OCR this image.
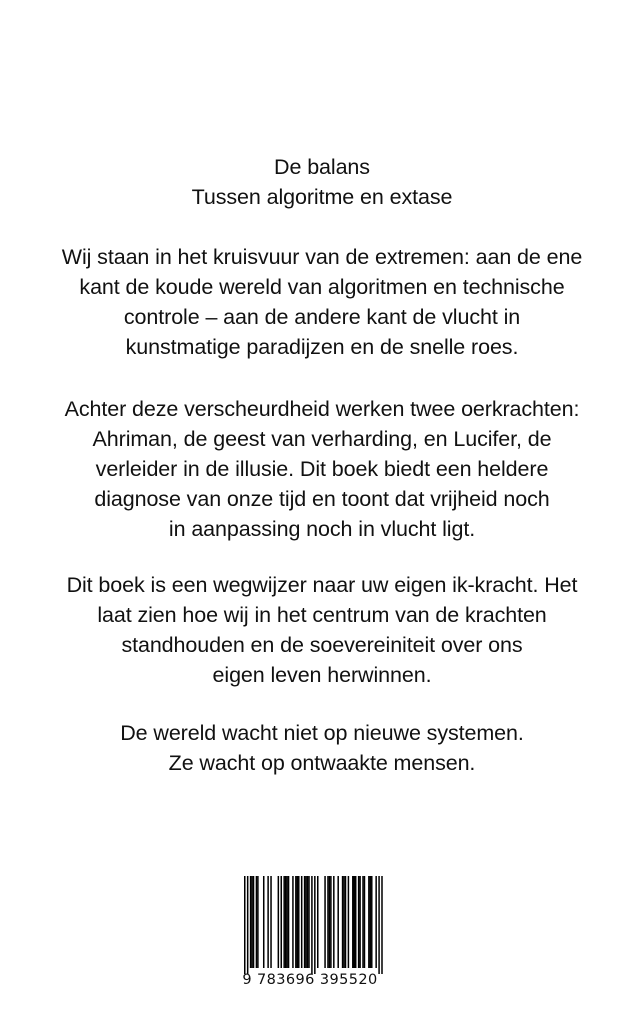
De balans
Tussen algoritme en extase
Wij staan in het kruisvuur van de extremen: aan de ene
kant de koude wereld van algoritmen en technische
controle – aan de andere kant de vlucht in
kunstmatige paradijzen en de snelle roes.
Achter deze verscheurdheid werken twee oerkrachten:
Ahriman, de geest van verharding, en Lucifer, de
verleider in de illusie. Dit boek biedt een heldere
diagnose van onze tijd en toont dat vrijheid noch
in aanpassing noch in vlucht ligt.
Dit boek is een wegwijzer naar uw eigen ik-kracht. Het
laat zien hoe wij in het centrum van de krachten
standhouden en de soevereiniteit over ons
eigen leven herwinnen.
De wereld wacht niet op nieuwe systemen.
Ze wacht op ontwaakte mensen.
9 783696 395520
